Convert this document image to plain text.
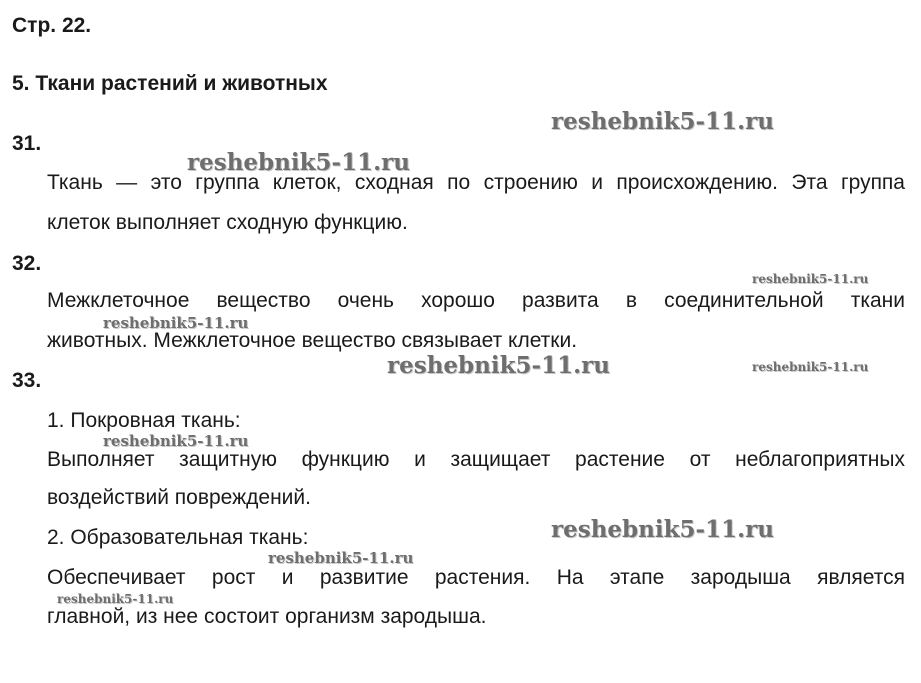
Стр. 22.
5. Ткани растений и животных
31.
Ткань — это группа клеток, сходная по строению и происхождению. Эта группа
клеток выполняет сходную функцию.
32.
Межклеточное вещество очень хорошо развита в соединительной ткани
животных. Межклеточное вещество связывает клетки.
33.
1. Покровная ткань:
Выполняет защитную функцию и защищает растение от неблагоприятных
воздействий повреждений.
2. Образовательная ткань:
Обеспечивает рост и развитие растения. На этапе зародыша является
главной, из нее состоит организм зародыша.
reshebnik5-11.ru
reshebnik5-11.ru
reshebnik5-11.ru
reshebnik5-11.ru
reshebnik5-11.ru	reshebnik5-11.ru
reshebnik5-11.ru
reshebnik5-11.ru
reshebnik5-11.ru
reshebnik5-11.ru
